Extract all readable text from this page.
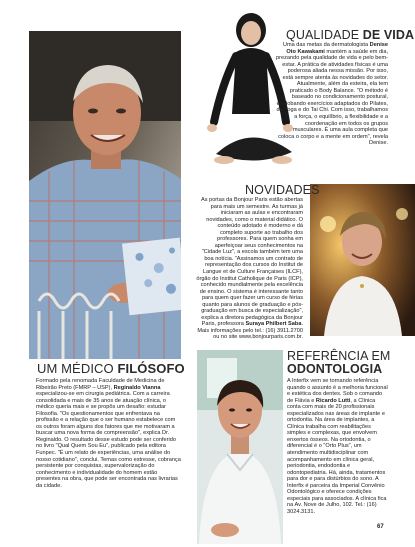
QUALIDADE DE VIDA

Uma das metas da dermatologista Denise Oto Kawakami mantém a saúde em dia, prezando pela qualidade de vida e pelo bem-estar. A prática de atividades físicas é uma poderosa aliada nessa missão. Por isso, está sempre atenta às novidades do setor. Atualmente, além da esteira, ela tem praticado o Body Balance. "O método é baseado no condicionamento postural, englobando exercícios adaptados do Pilates, da Yoga e do Tai Chi. Com isso, trabalhamos a força, o equilíbrio, a flexibilidade e a coordenação em todos os grupos musculares. É uma aula completa que coloca o corpo e a mente em ordem", revela Denise.

NOVIDADES

As portas da Bonjour Paris estão abertas para mais um semestre. As turmas já iniciaram as aulas e encontraram novidades, como o material didático. O conteúdo adotado é moderno e dá completo suporte ao trabalho dos professores. Para quem sonha em aperfeiçoar seus conhecimentos na "Cidade Luz", a escola também tem uma boa notícia. "Assinamos um contrato de representação dos cursos do Institut de Langue et de Culture Françaises (ILCF), órgão do Institut Catholique de Paris (ICP), conhecido mundialmente pela excelência de ensino. O sistema é interessante tanto para quem quer fazer um curso de férias quanto para alunos de graduação e pós-graduação em busca de especialização", explica a diretora pedagógica da Bonjour Paris, professora Suraya Philbert Saba. Mais informações pelo tel.: (16) 3911.2700 ou no site www.bonjourparis.com.br.

UM MÉDICO FILÓSOFO

Formado pela renomada Faculdade de Medicina de Ribeirão Preto (FMRP – USP), Reginaldo Vianna especializou-se em cirurgia pediátrica. Com a carreira consolidada e mais de 35 anos de atuação clínica, o médico queria mais e se propôs um desafio: estudar Filosofia. "Os questionamentos que enfrentava na profissão e a relação que o ser humano estabelece com os outros foram alguns dos fatores que me motivaram a buscar uma nova forma de compreensão", explica Dr. Reginaldo. O resultado desse estudo pode ser conferido no livro "Qual Quem Sou Eu", publicado pela editora Funpec. "É um relato de experiências, uma análise do nosso cotidiano", conclui. Temas como estresse, cobrança persistente por conquistas, supervalorização do conhecimento e individualidade do homem estão presentes na obra, que pode ser encontrada nas livrarias da cidade.

REFERÊNCIA EM
ODONTOLOGIA

A Interfix vem se tornando referência quando o assunto é a melhoria funcional e estética dos dentes. Sob o comando de Flávia e Ricardo Lutti, a Clínica conta com mais de 20 profissionais especializados nas áreas de implante e ortodontia. Na área de implantes, a Clínica trabalha com reabilitações simples e complexas, que envolvem enxertos ósseos. Na ortodontia, o diferencial é o "Orto Plus", um atendimento multidisciplinar com acompanhamento em clínica geral, periodontia, endodontia e odontopediatria. Há, ainda, tratamentos para dor e para distúrbios do sono. A Interfix é parceira da Imperial Convênio Odontológico e oferece condições especiais para associados. A clínica fica na Av. Nove de Julho, 102. Tel.: (16) 3024.3131.

67
